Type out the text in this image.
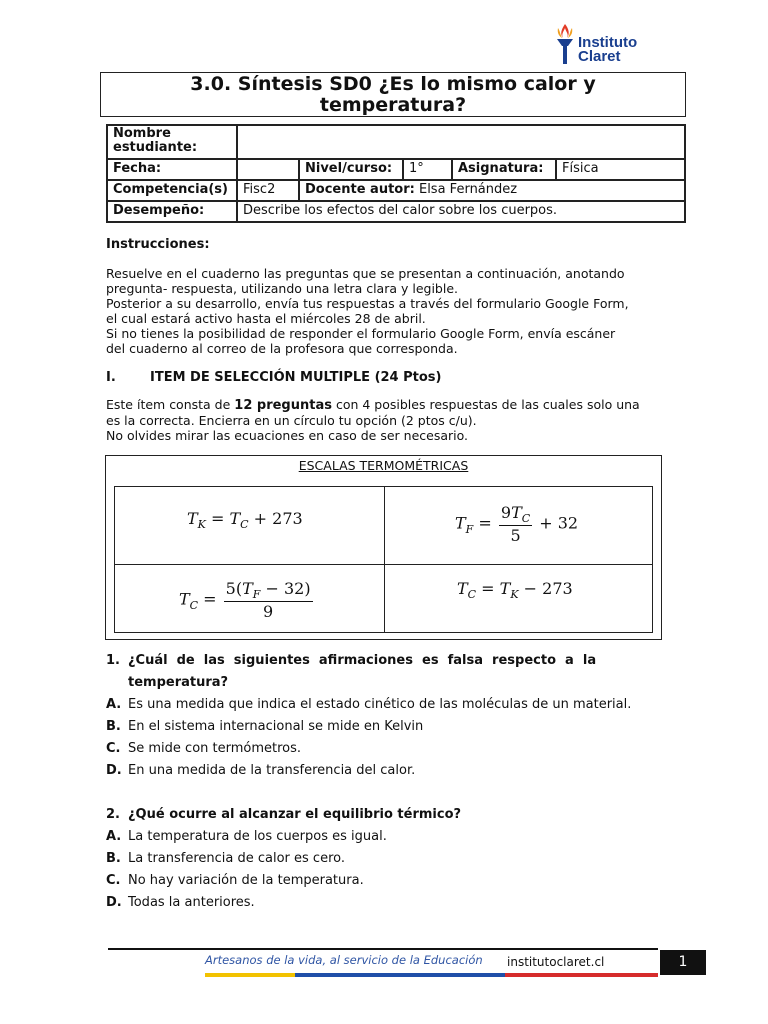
Instituto
Claret
3.0. Síntesis SD0 ¿Es lo mismo calor y
temperatura?
Nombre estudiante:					
Fecha:		Nivel/curso:	1°	Asignatura:	Física
Competencia(s)	Fisc2	Docente autor: Elsa Fernández			
Desempeño:	Describe los efectos del calor sobre los cuerpos.				
Instrucciones:
Resuelve en el cuaderno las preguntas que se presentan a continuación, anotando
pregunta- respuesta, utilizando una letra clara y legible.
Posterior a su desarrollo, envía tus respuestas a través del formulario Google Form,
el cual estará activo hasta el miércoles 28 de abril.
Si no tienes la posibilidad de responder el formulario Google Form, envía escáner
del cuaderno al correo de la profesora que corresponda.
I.	ITEM DE SELECCIÓN MULTIPLE (24 Ptos)
Este ítem consta de 12 preguntas con 4 posibles respuestas de las cuales solo una
es la correcta. Encierra en un círculo tu opción (2 ptos c/u).
No olvides mirar las ecuaciones en caso de ser necesario.
ESCALAS TERMOMÉTRICAS
$T_K = T_C + 273$	$T_F = \frac{9T_C}{5} + 32$
$T_C = \frac{5(T_F - 32)}{9}$	$T_C = T_K - 273$
1. ¿Cuál  de  las  siguientes  afirmaciones  es  falsa  respecto  a  la
temperatura?
A. Es una medida que indica el estado cinético de las moléculas de un material.
B. En el sistema internacional se mide en Kelvin
C. Se mide con termómetros.
D. En una medida de la transferencia del calor.
2. ¿Qué ocurre al alcanzar el equilibrio térmico?
A. La temperatura de los cuerpos es igual.
B. La transferencia de calor es cero.
C. No hay variación de la temperatura.
D. Todas la anteriores.
Artesanos de la vida, al servicio de la Educación institutoclaret.cl	1
